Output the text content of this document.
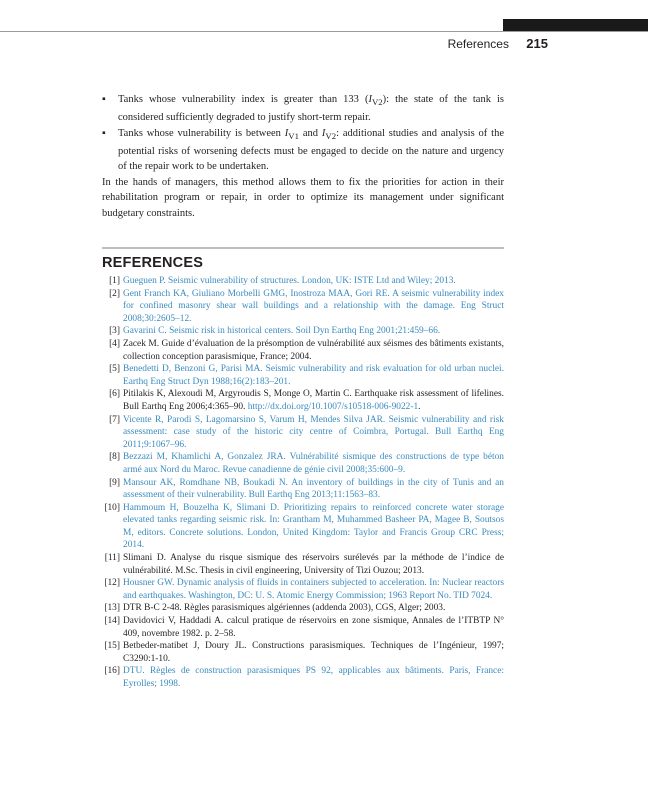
References 215
▪ Tanks whose vulnerability index is greater than 133 $(I_{V2})$: the state of the tank is considered sufficiently degraded to justify short-term repair.
▪ Tanks whose vulnerability is between $I_{V1}$ and $I_{V2}$: additional studies and analysis of the potential risks of worsening defects must be engaged to decide on the nature and urgency of the repair work to be undertaken.

In the hands of managers, this method allows them to fix the priorities for action in their rehabilitation program or repair, in order to optimize its management under significant budgetary constraints.

REFERENCES
[1] Gueguen P. Seismic vulnerability of structures. London, UK: ISTE Ltd and Wiley; 2013.
[2] Gent Franch KA, Giuliano Morbelli GMG, Inostroza MAA, Gori RE. A seismic vulnerability index for confined masonry shear wall buildings and a relationship with the damage. Eng Struct 2008;30:2605–12.
[3] Gavarini C. Seismic risk in historical centers. Soil Dyn Earthq Eng 2001;21:459–66.
[4] Zacek M. Guide d’évaluation de la présomption de vulnérabilité aux séismes des bâtiments existants, collection conception parasismique, France; 2004.
[5] Benedetti D, Benzoni G, Parisi MA. Seismic vulnerability and risk evaluation for old urban nuclei. Earthq Eng Struct Dyn 1988;16(2):183–201.
[6] Pitilakis K, Alexoudi M, Argyroudis S, Monge O, Martin C. Earthquake risk assessment of lifelines. Bull Earthq Eng 2006;4:365–90. http://dx.doi.org/10.1007/s10518-006-9022-1.
[7] Vicente R, Parodi S, Lagomarsino S, Varum H, Mendes Silva JAR. Seismic vulnerability and risk assessment: case study of the historic city centre of Coimbra, Portugal. Bull Earthq Eng 2011;9:1067–96.
[8] Bezzazi M, Khamlichi A, Gonzalez JRA. Vulnérabilité sismique des constructions de type béton armé aux Nord du Maroc. Revue canadienne de génie civil 2008;35:600–9.
[9] Mansour AK, Romdhane NB, Boukadi N. An inventory of buildings in the city of Tunis and an assessment of their vulnerability. Bull Earthq Eng 2013;11:1563–83.
[10] Hammoum H, Bouzelha K, Slimani D. Prioritizing repairs to reinforced concrete water storage elevated tanks regarding seismic risk. In: Grantham M, Muhammed Basheer PA, Magee B, Soutsos M, editors. Concrete solutions. London, United Kingdom: Taylor and Francis Group CRC Press; 2014.
[11] Slimani D. Analyse du risque sismique des réservoirs surélevés par la méthode de l’indice de vulnérabilité. M.Sc. Thesis in civil engineering, University of Tizi Ouzou; 2013.
[12] Housner GW. Dynamic analysis of fluids in containers subjected to acceleration. In: Nuclear reactors and earthquakes. Washington, DC: U. S. Atomic Energy Commission; 1963 Report No. TID 7024.
[13] DTR B-C 2-48. Règles parasismiques algériennes (addenda 2003), CGS, Alger; 2003.
[14] Davidovici V, Haddadi A. calcul pratique de réservoirs en zone sismique, Annales de l’ITBTP N° 409, novembre 1982. p. 2–58.
[15] Betbeder-matibet J, Doury JL. Constructions parasismiques. Techniques de l’Ingénieur, 1997; C3290:1-10.
[16] DTU. Règles de construction parasismiques PS 92, applicables aux bâtiments. Paris, France: Eyrolles; 1998.
